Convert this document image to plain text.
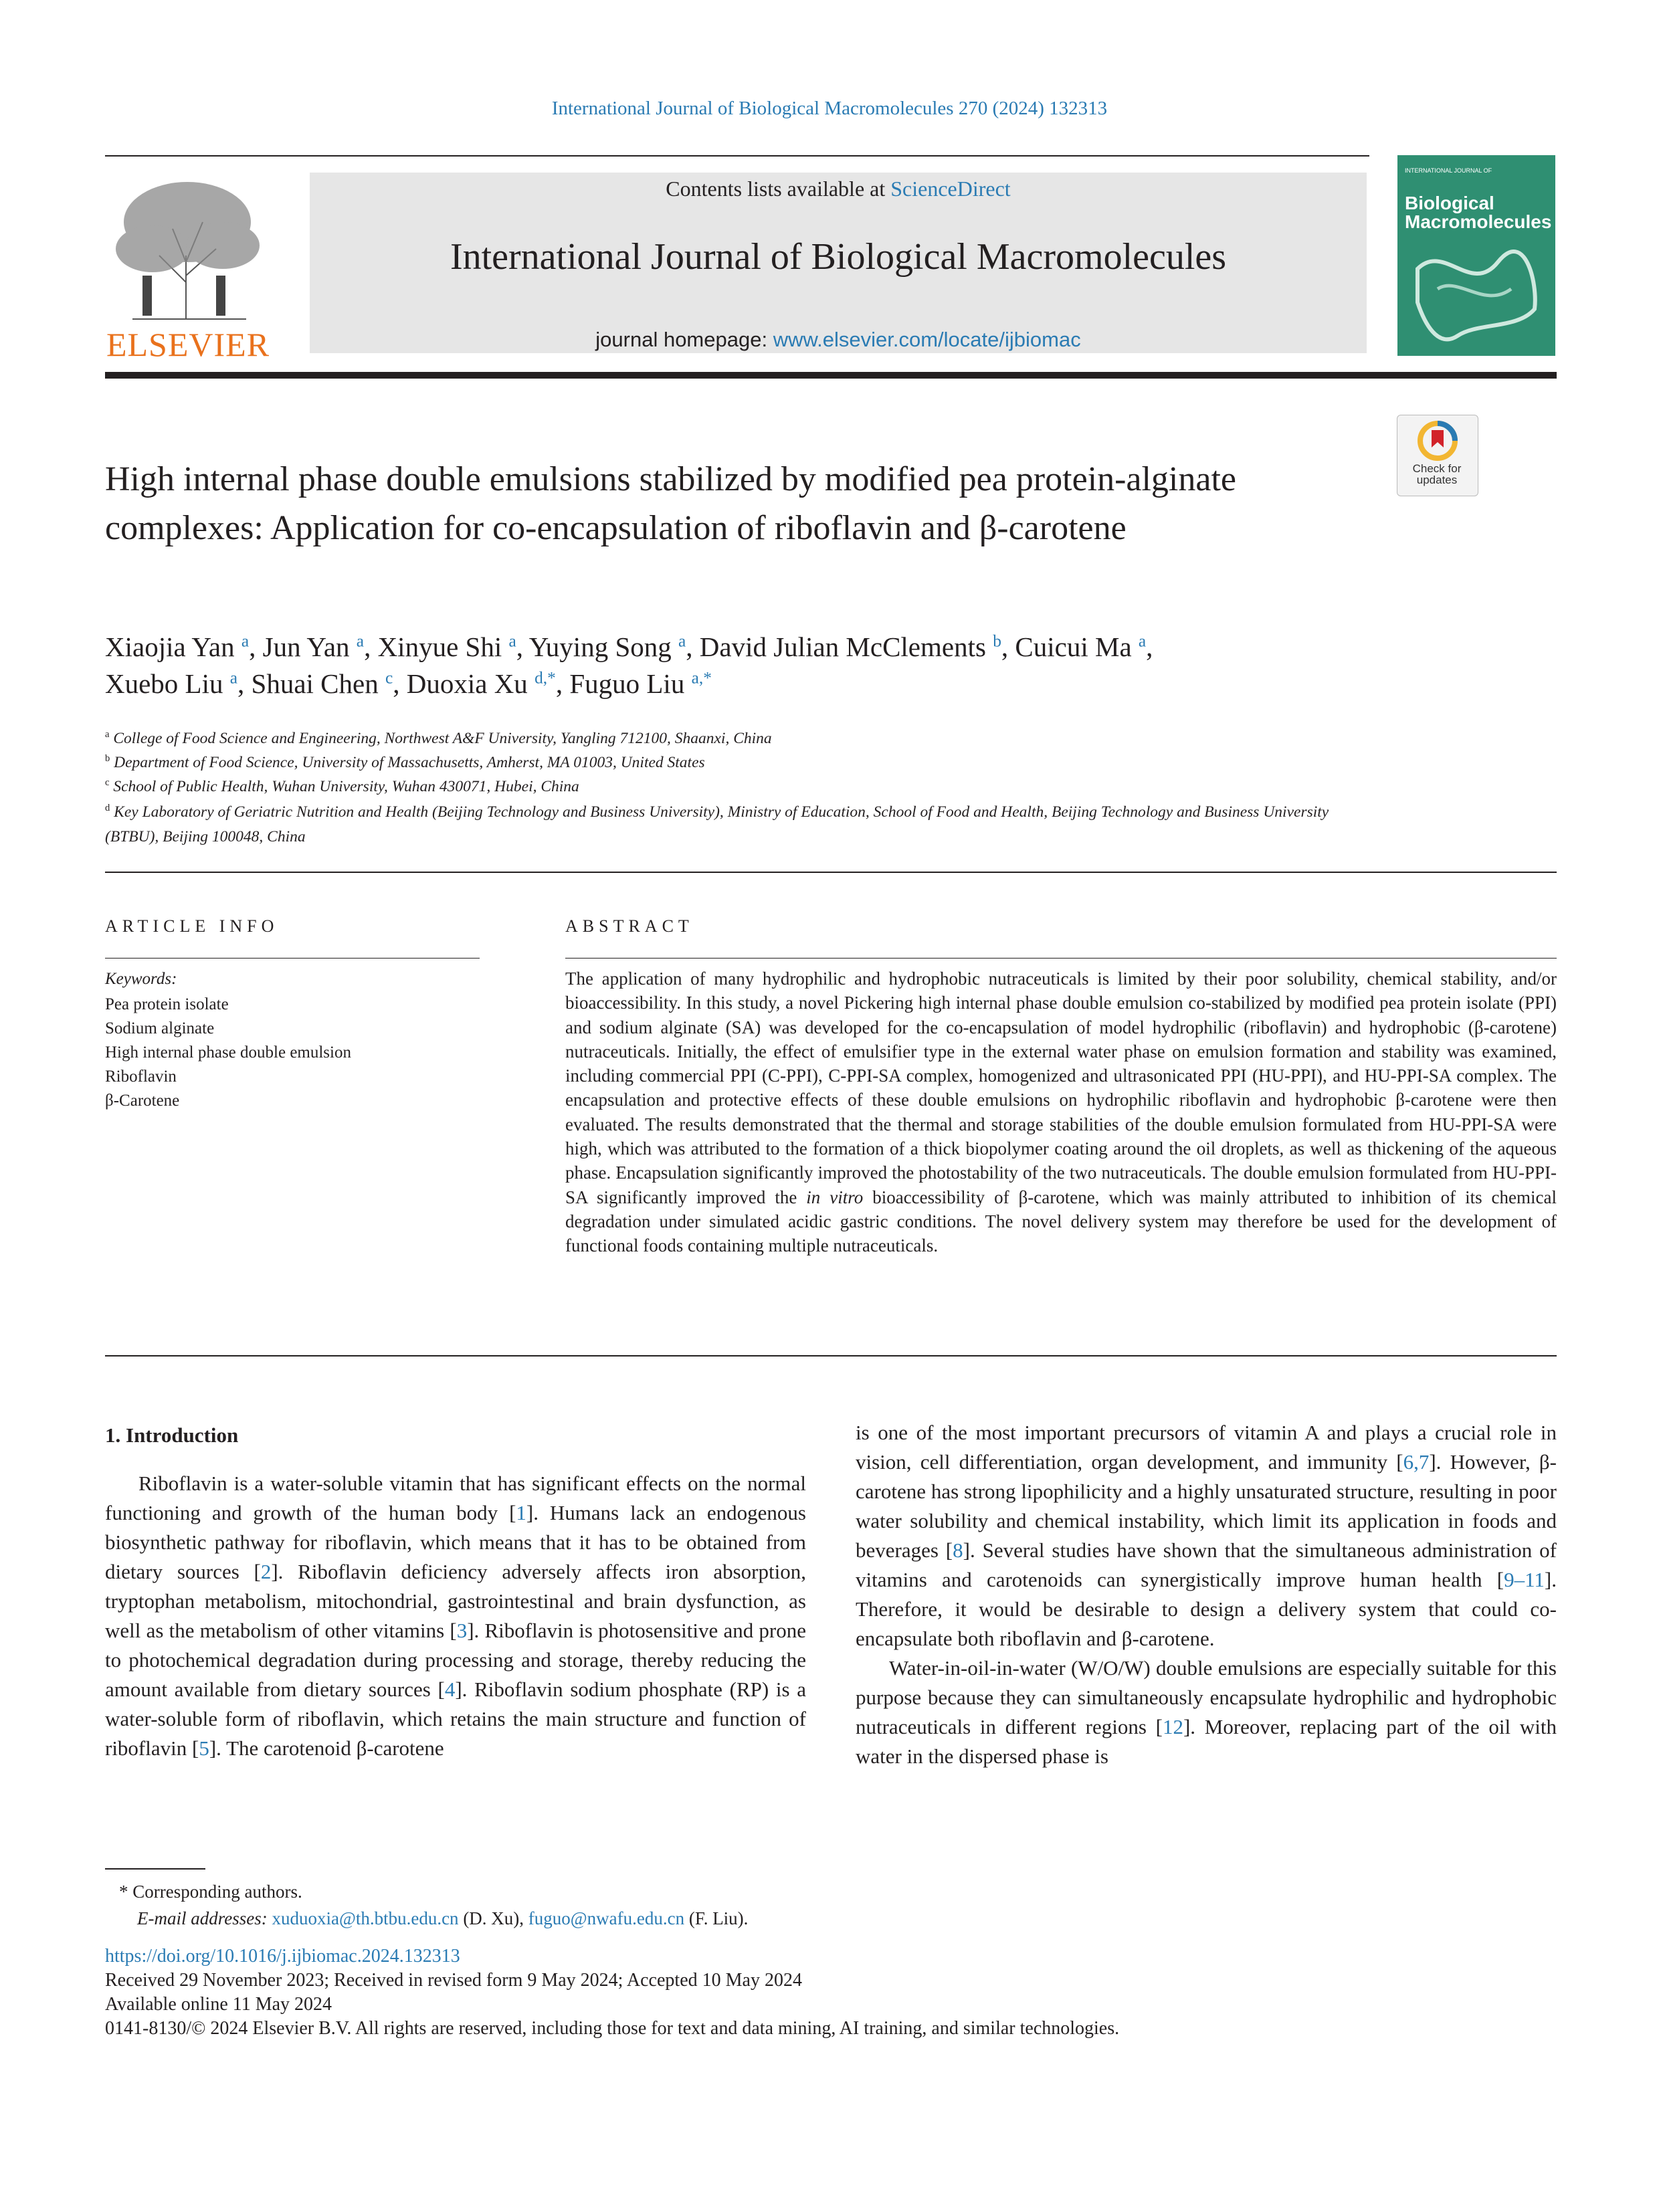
International Journal of Biological Macromolecules 270 (2024) 132313
ELSEVIER
Contents lists available at ScienceDirect
International Journal of Biological Macromolecules
journal homepage: www.elsevier.com/locate/ijbiomac
INTERNATIONAL JOURNAL OF
Biological Macromolecules
Check for updates
High internal phase double emulsions stabilized by modified pea protein-alginate complexes: Application for co-encapsulation of riboflavin and β-carotene
Xiaojia Yan $^a$, Jun Yan $^a$, Xinyue Shi $^a$, Yuying Song $^a$, David Julian McClements $^b$, Cuicui Ma $^a$,
Xuebo Liu $^a$, Shuai Chen $^c$, Duoxia Xu $^{d,*}$, Fuguo Liu $^{a,*}$
$^a$ College of Food Science and Engineering, Northwest A&F University, Yangling 712100, Shaanxi, China
$^b$ Department of Food Science, University of Massachusetts, Amherst, MA 01003, United States
$^c$ School of Public Health, Wuhan University, Wuhan 430071, Hubei, China
$^d$ Key Laboratory of Geriatric Nutrition and Health (Beijing Technology and Business University), Ministry of Education, School of Food and Health, Beijing Technology and Business University (BTBU), Beijing 100048, China
ARTICLE INFO
Keywords:
Pea protein isolate
Sodium alginate
High internal phase double emulsion
Riboflavin
β-Carotene
ABSTRACT
The application of many hydrophilic and hydrophobic nutraceuticals is limited by their poor solubility, chemical stability, and/or bioaccessibility. In this study, a novel Pickering high internal phase double emulsion co-stabilized by modified pea protein isolate (PPI) and sodium alginate (SA) was developed for the co-encapsulation of model hydrophilic (riboflavin) and hydrophobic (β-carotene) nutraceuticals. Initially, the effect of emulsifier type in the external water phase on emulsion formation and stability was examined, including commercial PPI (C-PPI), C-PPI-SA complex, homogenized and ultrasonicated PPI (HU-PPI), and HU-PPI-SA complex. The encapsulation and protective effects of these double emulsions on hydrophilic riboflavin and hydrophobic β-carotene were then evaluated. The results demonstrated that the thermal and storage stabilities of the double emulsion formulated from HU-PPI-SA were high, which was attributed to the formation of a thick biopolymer coating around the oil droplets, as well as thickening of the aqueous phase. Encapsulation significantly improved the photostability of the two nutraceuticals. The double emulsion formulated from HU-PPI-SA significantly improved the in vitro bioaccessibility of β-carotene, which was mainly attributed to inhibition of its chemical degradation under simulated acidic gastric conditions. The novel delivery system may therefore be used for the development of functional foods containing multiple nutraceuticals.
1. Introduction

Riboflavin is a water-soluble vitamin that has significant effects on the normal functioning and growth of the human body [1]. Humans lack an endogenous biosynthetic pathway for riboflavin, which means that it has to be obtained from dietary sources [2]. Riboflavin deficiency adversely affects iron absorption, tryptophan metabolism, mitochondrial, gastrointestinal and brain dysfunction, as well as the metabolism of other vitamins [3]. Riboflavin is photosensitive and prone to photochemical degradation during processing and storage, thereby reducing the amount available from dietary sources [4]. Riboflavin sodium phosphate (RP) is a water-soluble form of riboflavin, which retains the main structure and function of riboflavin [5]. The carotenoid β-carotene

is one of the most important precursors of vitamin A and plays a crucial role in vision, cell differentiation, organ development, and immunity [6,7]. However, β-carotene has strong lipophilicity and a highly unsaturated structure, resulting in poor water solubility and chemical instability, which limit its application in foods and beverages [8]. Several studies have shown that the simultaneous administration of vitamins and carotenoids can synergistically improve human health [9–11]. Therefore, it would be desirable to design a delivery system that could co-encapsulate both riboflavin and β-carotene.

Water-in-oil-in-water (W/O/W) double emulsions are especially suitable for this purpose because they can simultaneously encapsulate hydrophilic and hydrophobic nutraceuticals in different regions [12]. Moreover, replacing part of the oil with water in the dispersed phase is

* Corresponding authors.
E-mail addresses: xuduoxia@th.btbu.edu.cn (D. Xu), fuguo@nwafu.edu.cn (F. Liu).
https://doi.org/10.1016/j.ijbiomac.2024.132313
Received 29 November 2023; Received in revised form 9 May 2024; Accepted 10 May 2024
Available online 11 May 2024
0141-8130/© 2024 Elsevier B.V. All rights are reserved, including those for text and data mining, AI training, and similar technologies.
